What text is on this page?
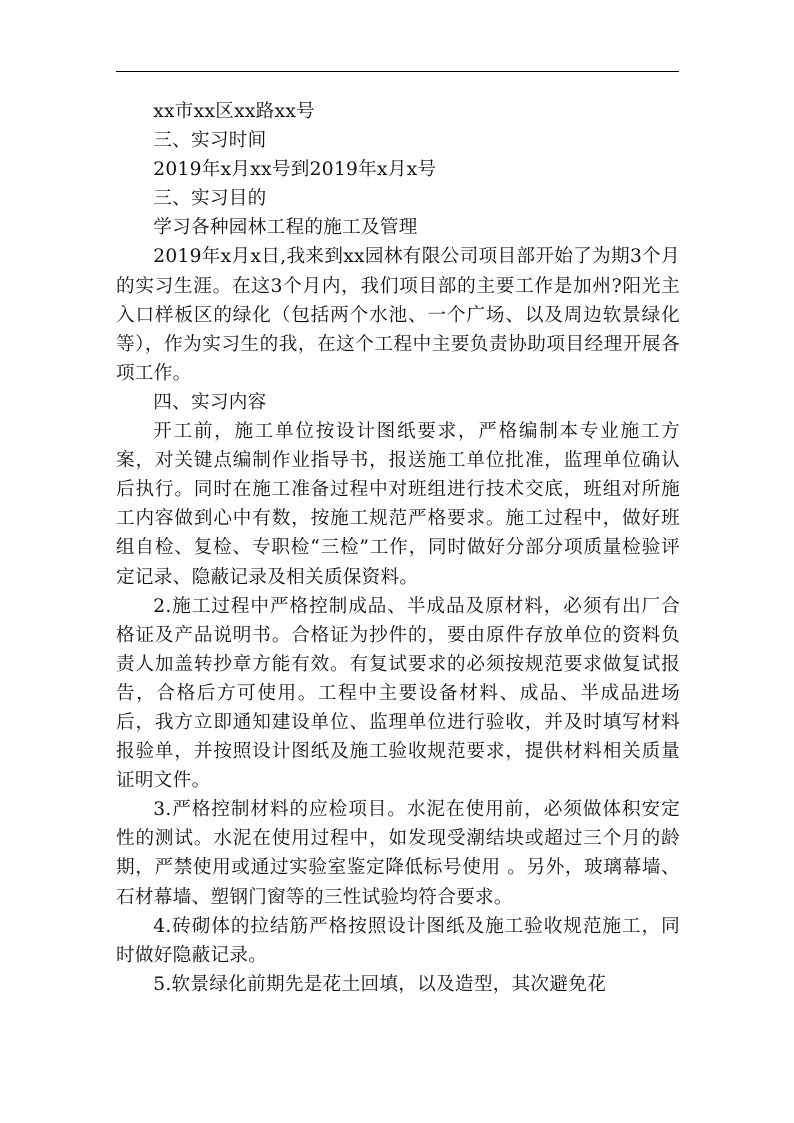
xx市xx区xx路xx号

三、实习时间

2019年x月xx号到2019年x月x号

三、实习目的

学习各种园林工程的施工及管理

2019年x月x日,我来到xx园林有限公司项目部开始了为期3个月的实习生涯。在这3个月内，我们项目部的主要工作是加州?阳光主入口样板区的绿化（包括两个水池、一个广场、以及周边软景绿化等），作为实习生的我，在这个工程中主要负责协助项目经理开展各项工作。

四、实习内容

开工前，施工单位按设计图纸要求，严格编制本专业施工方案，对关键点编制作业指导书，报送施工单位批准，监理单位确认后执行。同时在施工准备过程中对班组进行技术交底，班组对所施工内容做到心中有数，按施工规范严格要求。施工过程中，做好班组自检、复检、专职检“三检”工作，同时做好分部分项质量检验评定记录、隐蔽记录及相关质保资料。

2.施工过程中严格控制成品、半成品及原材料，必须有出厂合格证及产品说明书。合格证为抄件的，要由原件存放单位的资料负责人加盖转抄章方能有效。有复试要求的必须按规范要求做复试报告，合格后方可使用。工程中主要设备材料、成品、半成品进场后，我方立即通知建设单位、监理单位进行验收，并及时填写材料报验单，并按照设计图纸及施工验收规范要求，提供材料相关质量证明文件。

3.严格控制材料的应检项目。水泥在使用前，必须做体积安定性的测试。水泥在使用过程中，如发现受潮结块或超过三个月的龄期，严禁使用或通过实验室鉴定降低标号使用 。另外，玻璃幕墙、石材幕墙、塑钢门窗等的三性试验均符合要求。

4.砖砌体的拉结筋严格按照设计图纸及施工验收规范施工，同时做好隐蔽记录。

5.软景绿化前期先是花土回填，以及造型，其次避免花
